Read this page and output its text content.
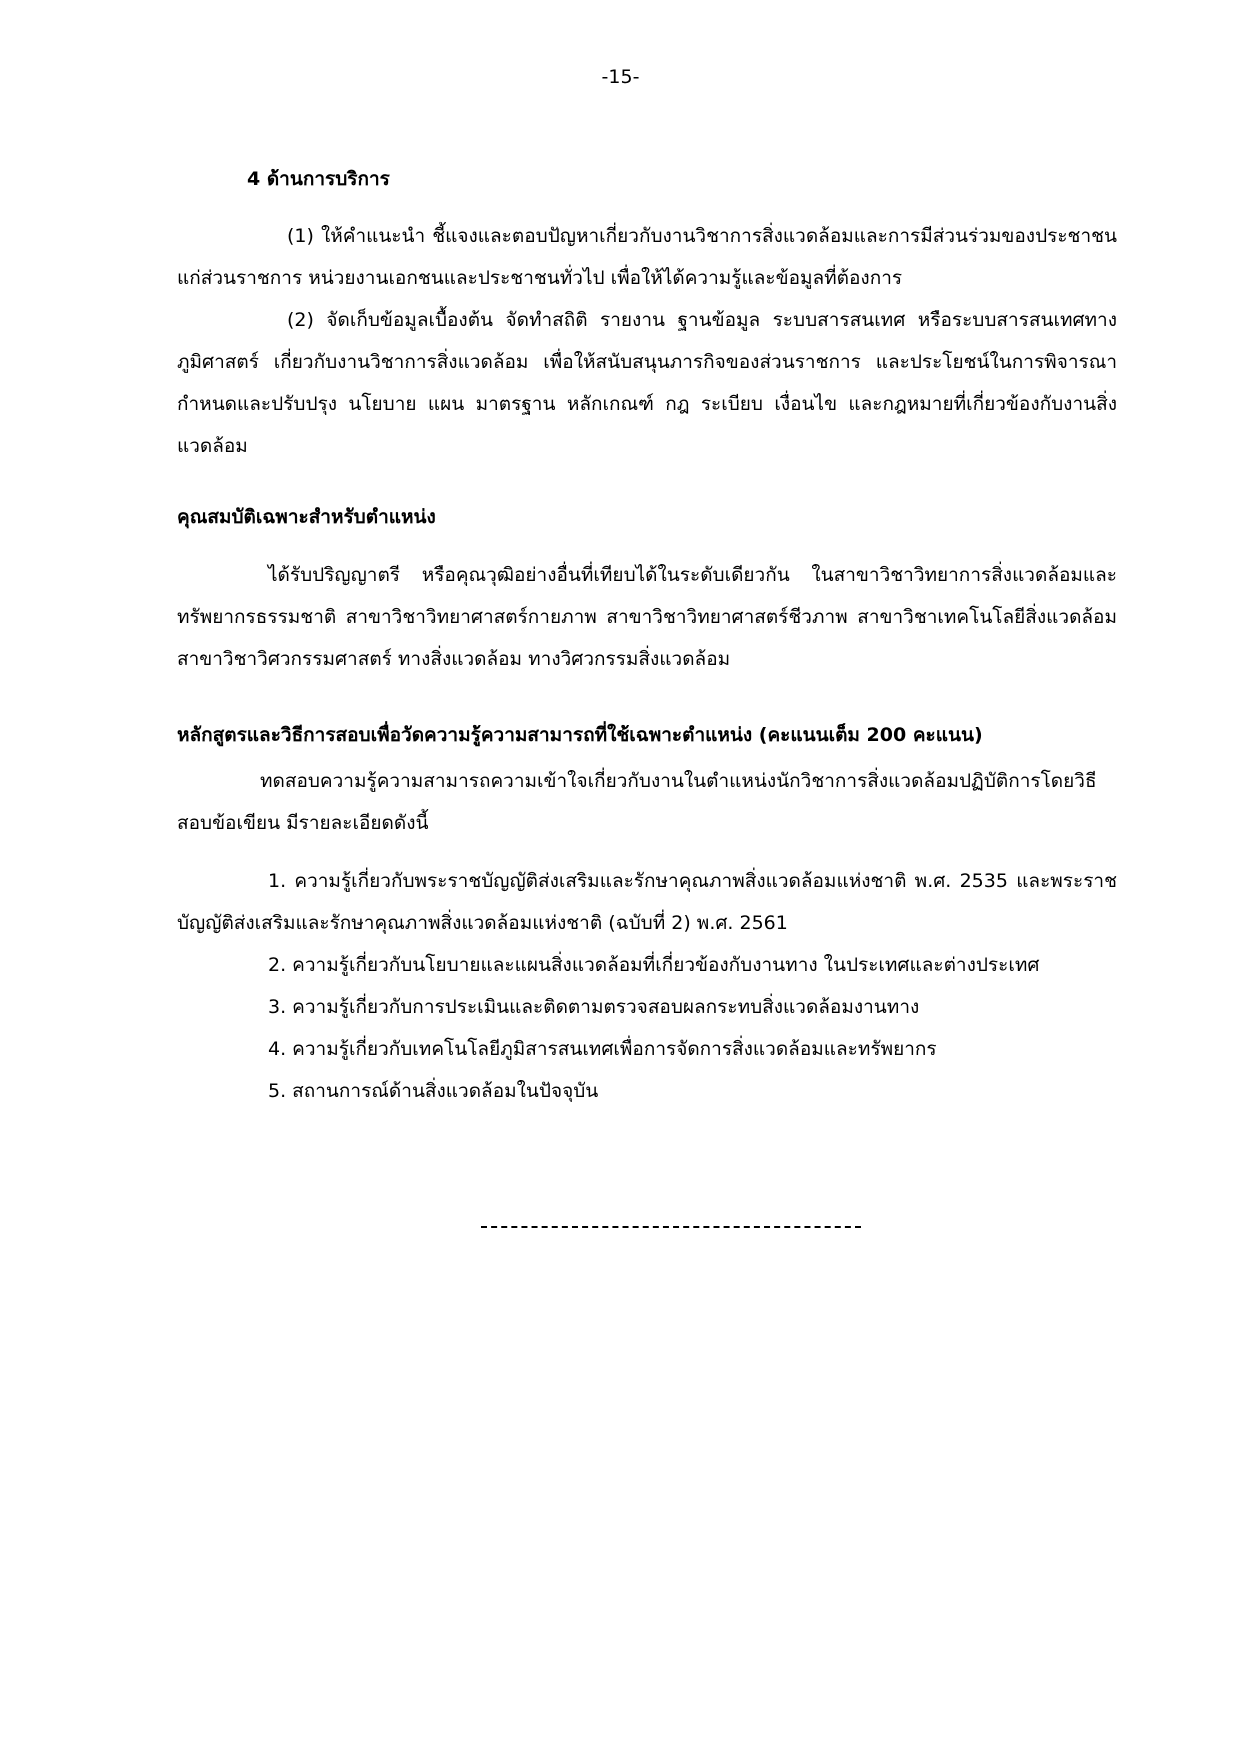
-15-
4 ด้านการบริการ
(1) ให้คำแนะนำ ชี้แจงและตอบปัญหาเกี่ยวกับงานวิชาการสิ่งแวดล้อมและการมีส่วนร่วมของประชาชน แก่ส่วนราชการ หน่วยงานเอกชนและประชาชนทั่วไป เพื่อให้ได้ความรู้และข้อมูลที่ต้องการ
(2) จัดเก็บข้อมูลเบื้องต้น จัดทำสถิติ รายงาน ฐานข้อมูล ระบบสารสนเทศ หรือระบบสารสนเทศทางภูมิศาสตร์ เกี่ยวกับงานวิชาการสิ่งแวดล้อม เพื่อให้สนับสนุนภารกิจของส่วนราชการ และประโยชน์ในการพิจารณา กำหนดและปรับปรุง นโยบาย แผน มาตรฐาน หลักเกณฑ์ กฎ ระเบียบ เงื่อนไข และกฎหมายที่เกี่ยวข้องกับงานสิ่งแวดล้อม
คุณสมบัติเฉพาะสำหรับตำแหน่ง
ได้รับปริญญาตรี หรือคุณวุฒิอย่างอื่นที่เทียบได้ในระดับเดียวกัน ในสาขาวิชาวิทยาการสิ่งแวดล้อมและทรัพยากรธรรมชาติ สาขาวิชาวิทยาศาสตร์กายภาพ สาขาวิชาวิทยาศาสตร์ชีวภาพ สาขาวิชาเทคโนโลยีสิ่งแวดล้อม สาขาวิชาวิศวกรรมศาสตร์ ทางสิ่งแวดล้อม ทางวิศวกรรมสิ่งแวดล้อม
หลักสูตรและวิธีการสอบเพื่อวัดความรู้ความสามารถที่ใช้เฉพาะตำแหน่ง (คะแนนเต็ม 200 คะแนน)
ทดสอบความรู้ความสามารถความเข้าใจเกี่ยวกับงานในตำแหน่งนักวิชาการสิ่งแวดล้อมปฏิบัติการโดยวิธีสอบข้อเขียน มีรายละเอียดดังนี้
1. ความรู้เกี่ยวกับพระราชบัญญัติส่งเสริมและรักษาคุณภาพสิ่งแวดล้อมแห่งชาติ พ.ศ. 2535 และพระราชบัญญัติส่งเสริมและรักษาคุณภาพสิ่งแวดล้อมแห่งชาติ (ฉบับที่ 2) พ.ศ. 2561
2. ความรู้เกี่ยวกับนโยบายและแผนสิ่งแวดล้อมที่เกี่ยวข้องกับงานทาง ในประเทศและต่างประเทศ
3. ความรู้เกี่ยวกับการประเมินและติดตามตรวจสอบผลกระทบสิ่งแวดล้อมงานทาง
4. ความรู้เกี่ยวกับเทคโนโลยีภูมิสารสนเทศเพื่อการจัดการสิ่งแวดล้อมและทรัพยากร
5. สถานการณ์ด้านสิ่งแวดล้อมในปัจจุบัน
